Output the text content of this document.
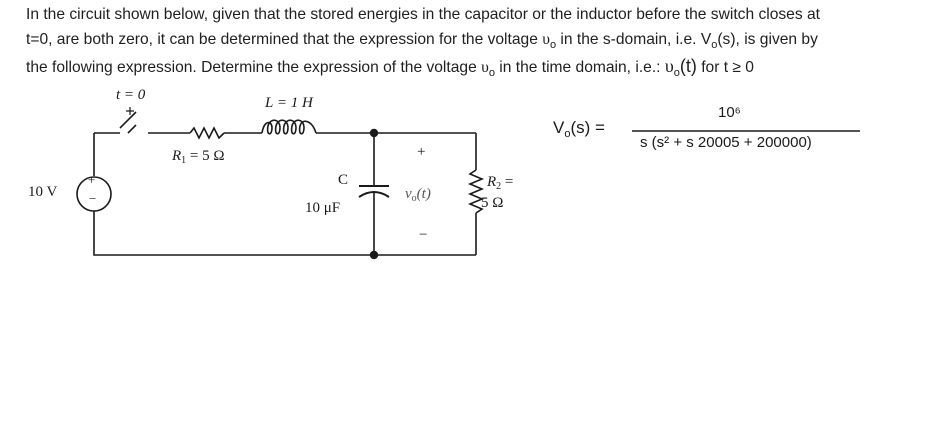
In the circuit shown below, given that the stored energies in the capacitor or the inductor before the switch closes at

t=0, are both zero, it can be determined that the expression for the voltage $\upsilon_o$ in the s-domain, i.e. $V_o(s)$, is given by

the following expression. Determine the expression of the voltage $\upsilon_o$ in the time domain, i.e.: $\upsilon_o(t)$ for t ≥ 0

t = 0	L = 1 H
$R_1 = 5$ Ω
10 V
+
−
C
10 μF
+
$v_o(t)$
−
$R_2$ =
5 Ω
$V_o(s)$ =
10⁶
s (s² + s 20005 + 200000)
